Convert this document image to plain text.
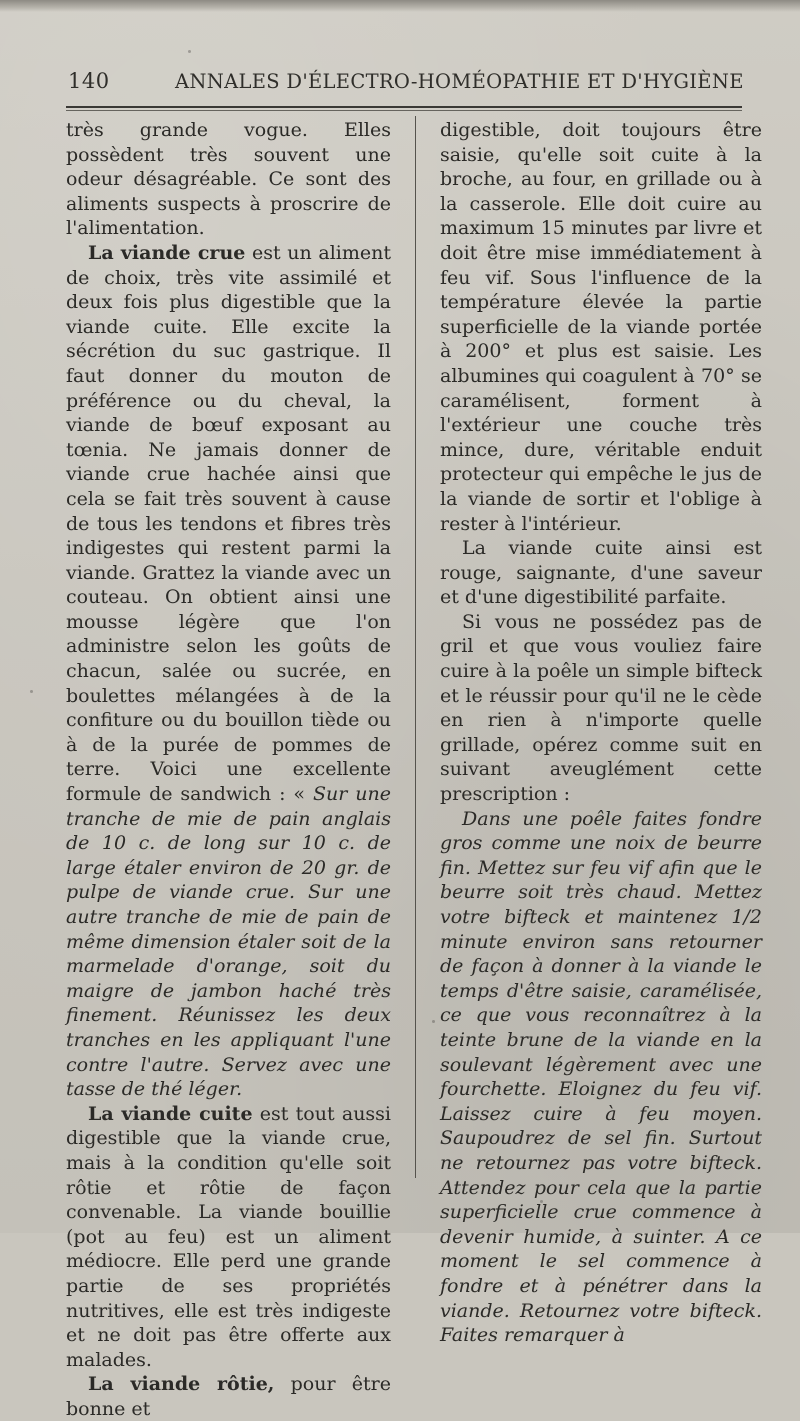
140	ANNALES D'ÉLECTRO-HOMÉOPATHIE ET D'HYGIÈNE

très grande vogue. Elles possèdent très souvent une odeur désagréable. Ce sont des aliments suspects à proscrire de l'alimentation.

La viande crue est un aliment de choix, très vite assimilé et deux fois plus digestible que la viande cuite. Elle excite la sécrétion du suc gastrique. Il faut donner du mouton de préférence ou du cheval, la viande de bœuf exposant au tœnia. Ne jamais donner de viande crue hachée ainsi que cela se fait très souvent à cause de tous les tendons et fibres très indigestes qui restent parmi la viande. Grattez la viande avec un couteau. On obtient ainsi une mousse légère que l'on administre selon les goûts de chacun, salée ou sucrée, en boulettes mélangées à de la confiture ou du bouillon tiède ou à de la purée de pommes de terre. Voici une excellente formule de sandwich : « Sur une tranche de mie de pain anglais de 10 c. de long sur 10 c. de large étaler environ de 20 gr. de pulpe de viande crue. Sur une autre tranche de mie de pain de même dimension étaler soit de la marmelade d'orange, soit du maigre de jambon haché très finement. Réunissez les deux tranches en les appliquant l'une contre l'autre. Servez avec une tasse de thé léger.

La viande cuite est tout aussi digestible que la viande crue, mais à la condition qu'elle soit rôtie et rôtie de façon convenable. La viande bouillie (pot au feu) est un aliment médiocre. Elle perd une grande partie de ses propriétés nutritives, elle est très indigeste et ne doit pas être offerte aux malades.

La viande rôtie, pour être bonne et

digestible, doit toujours être saisie, qu'elle soit cuite à la broche, au four, en grillade ou à la casserole. Elle doit cuire au maximum 15 minutes par livre et doit être mise immédiatement à feu vif. Sous l'influence de la température élevée la partie superficielle de la viande portée à 200° et plus est saisie. Les albumines qui coagulent à 70° se caramélisent, forment à l'extérieur une couche très mince, dure, véritable enduit protecteur qui empêche le jus de la viande de sortir et l'oblige à rester à l'intérieur.

La viande cuite ainsi est rouge, saignante, d'une saveur et d'une digestibilité parfaite.

Si vous ne possédez pas de gril et que vous vouliez faire cuire à la poêle un simple bifteck et le réussir pour qu'il ne le cède en rien à n'importe quelle grillade, opérez comme suit en suivant aveuglément cette prescription :

Dans une poêle faites fondre gros comme une noix de beurre fin. Mettez sur feu vif afin que le beurre soit très chaud. Mettez votre bifteck et maintenez 1/2 minute environ sans retourner de façon à donner à la viande le temps d'être saisie, caramélisée, ce que vous reconnaîtrez à la teinte brune de la viande en la soulevant légèrement avec une fourchette. Eloignez du feu vif. Laissez cuire à feu moyen. Saupoudrez de sel fin. Surtout ne retournez pas votre bifteck. Attendez pour cela que la partie superficielle crue commence à devenir humide, à suinter. A ce moment le sel commence à fondre et à pénétrer dans la viande. Retournez votre bifteck. Faites remarquer à
